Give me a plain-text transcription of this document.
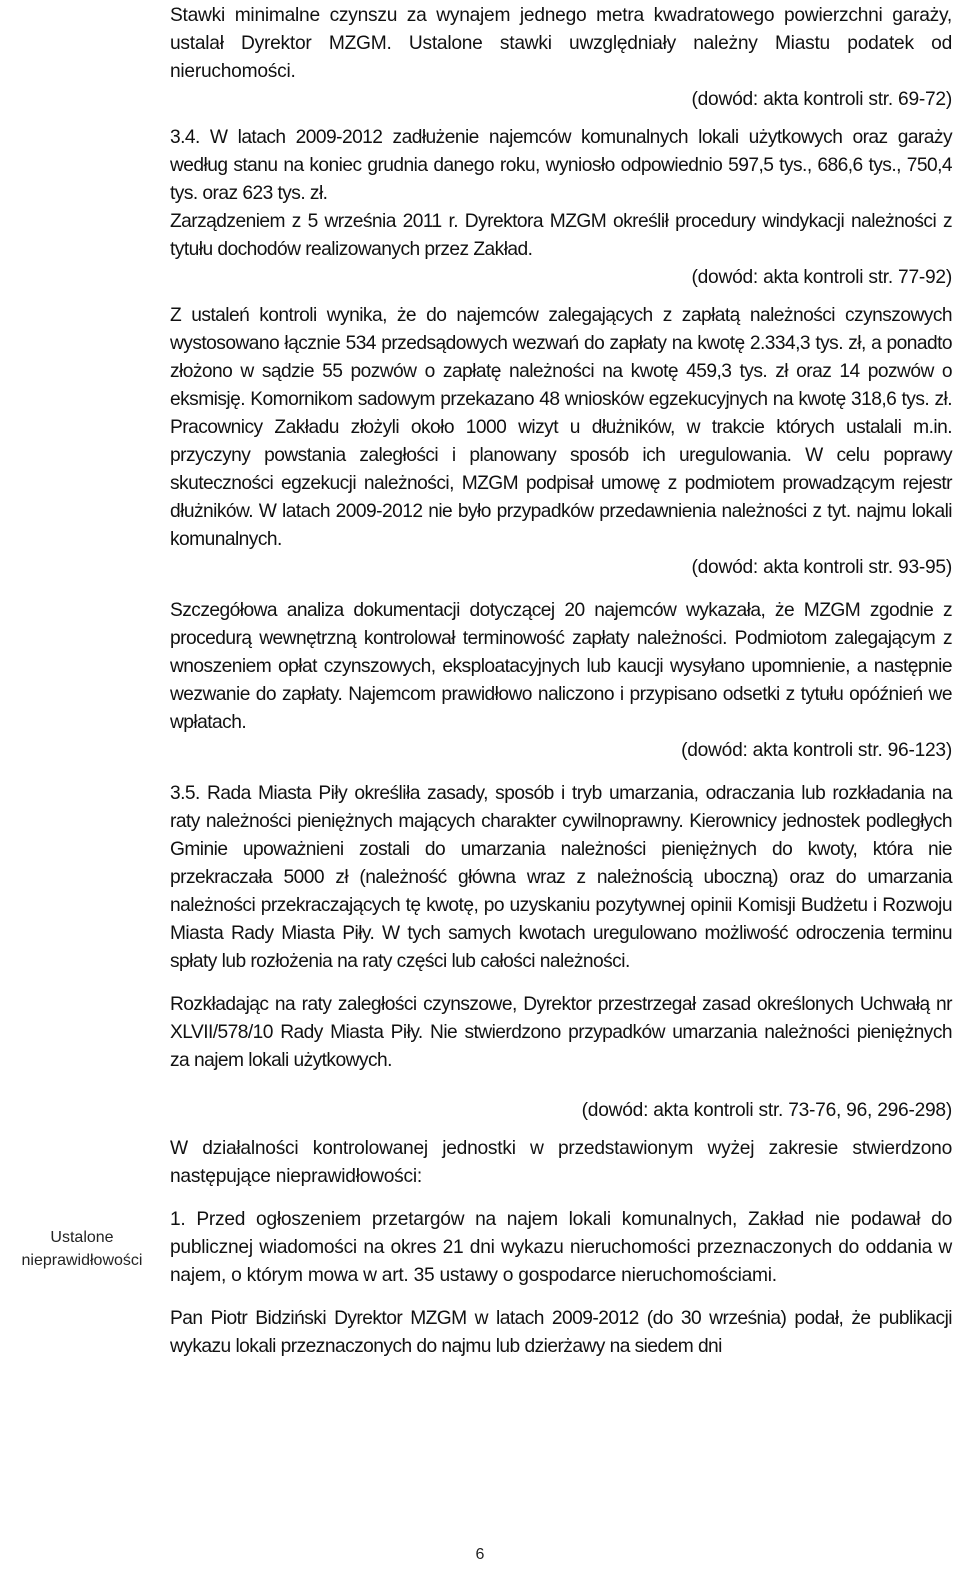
Ustalone nieprawidłowości

Stawki minimalne czynszu za wynajem jednego metra kwadratowego powierzchni garaży, ustalał Dyrektor MZGM. Ustalone stawki uwzględniały należny Miastu podatek od nieruchomości.

(dowód: akta kontroli str. 69-72)

3.4. W latach 2009-2012 zadłużenie najemców komunalnych lokali użytkowych oraz garaży według stanu na koniec grudnia danego roku, wyniosło odpowiednio 597,5 tys., 686,6 tys., 750,4 tys. oraz 623 tys. zł.

Zarządzeniem z 5 września 2011 r. Dyrektora MZGM określił procedury windykacji należności z tytułu dochodów realizowanych przez Zakład.

(dowód: akta kontroli str. 77-92)

Z ustaleń kontroli wynika, że do najemców zalegających z zapłatą należności czynszowych wystosowano łącznie 534 przedsądowych wezwań do zapłaty na kwotę 2.334,3 tys. zł, a ponadto złożono w sądzie 55 pozwów o zapłatę należności na kwotę 459,3 tys. zł oraz 14 pozwów o eksmisję. Komornikom sadowym przekazano 48 wniosków egzekucyjnych na kwotę 318,6 tys. zł. Pracownicy Zakładu złożyli około 1000 wizyt u dłużników, w trakcie których ustalali m.in. przyczyny powstania zaległości i planowany sposób ich uregulowania. W celu poprawy skuteczności egzekucji należności, MZGM podpisał umowę z podmiotem prowadzącym rejestr dłużników. W latach 2009-2012 nie było przypadków przedawnienia należności z tyt. najmu lokali komunalnych.

(dowód: akta kontroli str. 93-95)

Szczegółowa analiza dokumentacji dotyczącej 20 najemców wykazała, że MZGM zgodnie z procedurą wewnętrzną kontrolował terminowość zapłaty należności. Podmiotom zalegającym z wnoszeniem opłat czynszowych, eksploatacyjnych lub kaucji wysyłano upomnienie, a następnie wezwanie do zapłaty. Najemcom prawidłowo naliczono i przypisano odsetki z tytułu opóźnień we wpłatach.

(dowód: akta kontroli str. 96-123)

3.5. Rada Miasta Piły określiła zasady, sposób i tryb umarzania, odraczania lub rozkładania na raty należności pieniężnych mających charakter cywilnoprawny. Kierownicy jednostek podległych Gminie upoważnieni zostali do umarzania należności pieniężnych do kwoty, która nie przekraczała 5000 zł (należność główna wraz z należnością uboczną) oraz do umarzania należności przekraczających tę kwotę, po uzyskaniu pozytywnej opinii Komisji Budżetu i Rozwoju Miasta Rady Miasta Piły. W tych samych kwotach uregulowano możliwość odroczenia terminu spłaty lub rozłożenia na raty części lub całości należności.

Rozkładając na raty zaległości czynszowe, Dyrektor przestrzegał zasad określonych Uchwałą nr XLVII/578/10 Rady Miasta Piły. Nie stwierdzono przypadków umarzania należności pieniężnych za najem lokali użytkowych.

(dowód: akta kontroli str. 73-76, 96, 296-298)

W działalności kontrolowanej jednostki w przedstawionym wyżej zakresie stwierdzono następujące nieprawidłowości:

1. Przed ogłoszeniem przetargów na najem lokali komunalnych, Zakład nie podawał do publicznej wiadomości na okres 21 dni wykazu nieruchomości przeznaczonych do oddania w najem, o którym mowa w art. 35 ustawy o gospodarce nieruchomościami.

Pan Piotr Bidziński Dyrektor MZGM w latach 2009-2012 (do 30 września) podał, że publikacji wykazu lokali przeznaczonych do najmu lub dzierżawy na siedem dni

6
